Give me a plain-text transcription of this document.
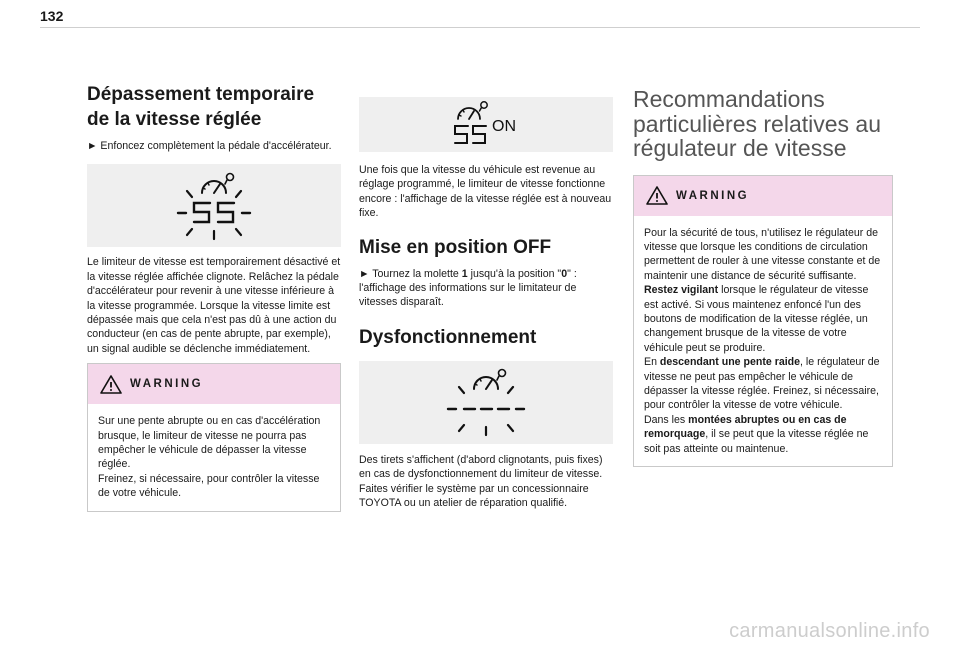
132
Dépassement temporaire de la vitesse réglée

► Enfoncez complètement la pédale d'accélérateur.

Le limiteur de vitesse est temporairement désactivé et la vitesse réglée affichée clignote. Relâchez la pédale d'accélérateur pour revenir à une vitesse inférieure à la vitesse programmée. Lorsque la vitesse limite est dépassée mais que cela n'est pas dû à une action du conducteur (en cas de pente abrupte, par exemple), un signal audible se déclenche immédiatement.

WARNING

Sur une pente abrupte ou en cas d'accélération brusque, le limiteur de vitesse ne pourra pas empêcher le véhicule de dépasser la vitesse réglée.

Freinez, si nécessaire, pour contrôler la vitesse de votre véhicule.

ON

Une fois que la vitesse du véhicule est revenue au réglage programmé, le limiteur de vitesse fonctionne encore : l'affichage de la vitesse réglée est à nouveau fixe.

Mise en position OFF

► Tournez la molette 1 jusqu'à la position "0" : l'affichage des informations sur le limitateur de vitesses disparaît.

Dysfonctionnement

Des tirets s'affichent (d'abord clignotants, puis fixes) en cas de dysfonctionnement du limiteur de vitesse.

Faites vérifier le système par un concessionnaire TOYOTA ou un atelier de réparation qualifié.

Recommandations particulières relatives au régulateur de vitesse
WARNING

Pour la sécurité de tous, n'utilisez le régulateur de vitesse que lorsque les conditions de circulation permettent de rouler à une vitesse constante et de maintenir une distance de sécurité suffisante.

Restez vigilant lorsque le régulateur de vitesse est activé. Si vous maintenez enfoncé l'un des boutons de modification de la vitesse réglée, un changement brusque de la vitesse de votre véhicule peut se produire.

En descendant une pente raide, le régulateur de vitesse ne peut pas empêcher le véhicule de dépasser la vitesse réglée. Freinez, si nécessaire, pour contrôler la vitesse de votre véhicule.

Dans les montées abruptes ou en cas de remorquage, il se peut que la vitesse réglée ne soit pas atteinte ou maintenue.

carmanualsonline.info
